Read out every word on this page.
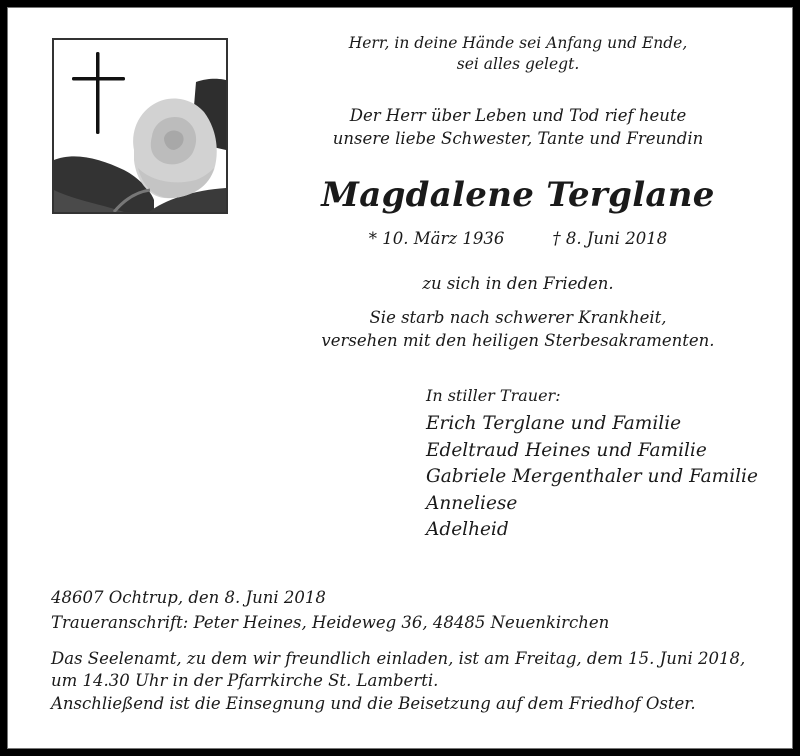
Herr, in deine Hände sei Anfang und Ende,
sei alles gelegt.
Der Herr über Leben und Tod rief heute
unsere liebe Schwester, Tante und Freundin
Magdalene Terglane
* 10. März 1936	† 8. Juni 2018
zu sich in den Frieden.
Sie starb nach schwerer Krankheit,
versehen mit den heiligen Sterbesakramenten.
In stiller Trauer:
Erich Terglane und Familie
Edeltraud Heines und Familie
Gabriele Mergenthaler und Familie
Anneliese
Adelheid
48607 Ochtrup, den 8. Juni 2018
Traueranschrift: Peter Heines, Heideweg 36, 48485 Neuenkirchen
Das Seelenamt, zu dem wir freundlich einladen, ist am Freitag, dem 15. Juni 2018,
um 14.30 Uhr in der Pfarrkirche St. Lamberti.
Anschließend ist die Einsegnung und die Beisetzung auf dem Friedhof Oster.
